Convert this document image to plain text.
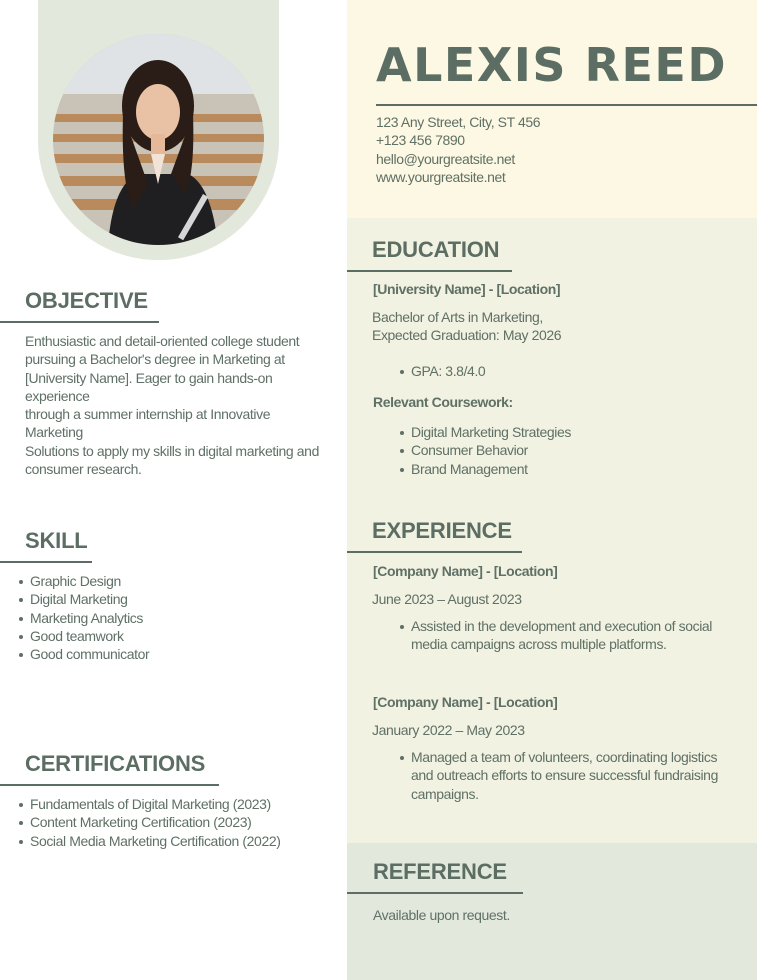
OBJECTIVE
Enthusiastic and detail-oriented college student
pursuing a Bachelor's degree in Marketing at
[University Name]. Eager to gain hands-on experience
through a summer internship at Innovative Marketing
Solutions to apply my skills in digital marketing and
consumer research.
SKILL
Graphic Design
Digital Marketing
Marketing Analytics
Good teamwork
Good communicator
CERTIFICATIONS
Fundamentals of Digital Marketing (2023)
Content Marketing Certification (2023)
Social Media Marketing Certification (2022)
ALEXIS REED
123 Any Street, City, ST 456
+123 456 7890
hello@yourgreatsite.net
www.yourgreatsite.net
EDUCATION
[University Name] - [Location]
Bachelor of Arts in Marketing,
Expected Graduation: May 2026
GPA: 3.8/4.0
Relevant Coursework:
Digital Marketing Strategies
Consumer Behavior
Brand Management
EXPERIENCE
[Company Name] - [Location]
June 2023 – August 2023
Assisted in the development and execution of social
media campaigns across multiple platforms.
[Company Name] - [Location]
January 2022 – May 2023
Managed a team of volunteers, coordinating logistics
and outreach efforts to ensure successful fundraising
campaigns.
REFERENCE
Available upon request.
